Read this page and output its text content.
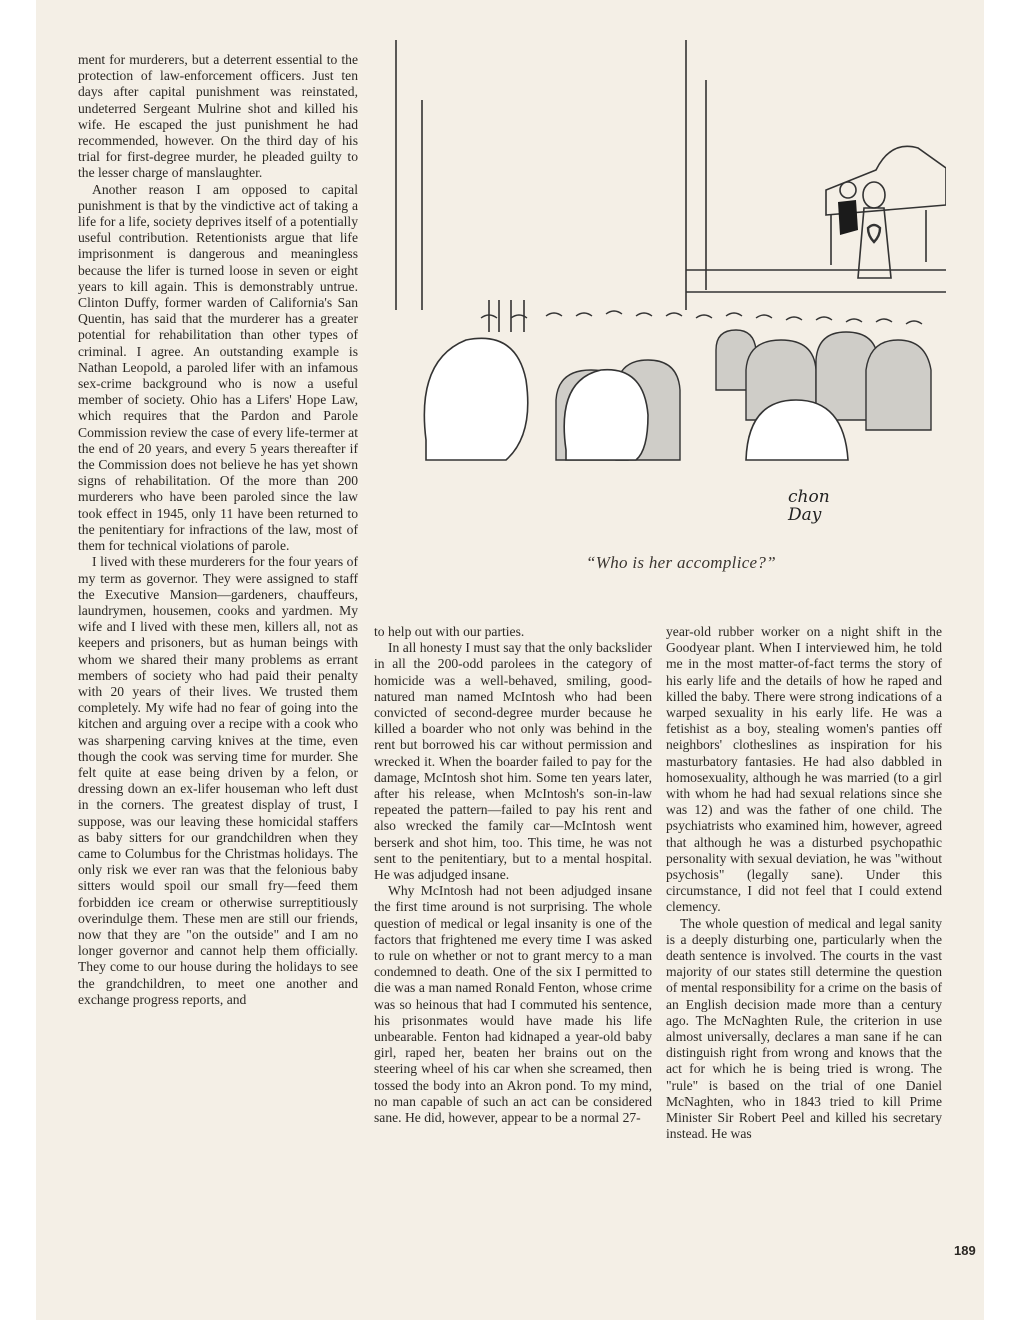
ment for murderers, but a deterrent essential to the protection of law-enforcement officers. Just ten days after capital punishment was reinstated, undeterred Sergeant Mulrine shot and killed his wife. He escaped the just punishment he had recommended, however. On the third day of his trial for first-degree murder, he pleaded guilty to the lesser charge of manslaughter.

Another reason I am opposed to capital punishment is that by the vindictive act of taking a life for a life, society deprives itself of a potentially useful contribution. Retentionists argue that life imprisonment is dangerous and meaningless because the lifer is turned loose in seven or eight years to kill again. This is demonstrably untrue. Clinton Duffy, former warden of California's San Quentin, has said that the murderer has a greater potential for rehabilitation than other types of criminal. I agree. An outstanding example is Nathan Leopold, a paroled lifer with an infamous sex-crime background who is now a useful member of society. Ohio has a Lifers' Hope Law, which requires that the Pardon and Parole Commission review the case of every life-termer at the end of 20 years, and every 5 years thereafter if the Commission does not believe he has yet shown signs of rehabilitation. Of the more than 200 murderers who have been paroled since the law took effect in 1945, only 11 have been returned to the penitentiary for infractions of the law, most of them for technical violations of parole.

I lived with these murderers for the four years of my term as governor. They were assigned to staff the Executive Mansion—gardeners, chauffeurs, laundrymen, housemen, cooks and yardmen. My wife and I lived with these men, killers all, not as keepers and prisoners, but as human beings with whom we shared their many problems as errant members of society who had paid their penalty with 20 years of their lives. We trusted them completely. My wife had no fear of going into the kitchen and arguing over a recipe with a cook who was sharpening carving knives at the time, even though the cook was serving time for murder. She felt quite at ease being driven by a felon, or dressing down an ex-lifer houseman who left dust in the corners. The greatest display of trust, I suppose, was our leaving these homicidal staffers as baby sitters for our grandchildren when they came to Columbus for the Christmas holidays. The only risk we ever ran was that the felonious baby sitters would spoil our small fry—feed them forbidden ice cream or otherwise surreptitiously overindulge them. These men are still our friends, now that they are "on the outside" and I am no longer governor and cannot help them officially. They come to our house during the holidays to see the grandchildren, to meet one another and exchange progress reports, and

chon
Day
“Who is her accomplice?”

to help out with our parties.

In all honesty I must say that the only backslider in all the 200-odd parolees in the category of homicide was a well-behaved, smiling, good-natured man named McIntosh who had been convicted of second-degree murder because he killed a boarder who not only was behind in the rent but borrowed his car without permission and wrecked it. When the boarder failed to pay for the damage, McIntosh shot him. Some ten years later, after his release, when McIntosh's son-in-law repeated the pattern—failed to pay his rent and also wrecked the family car—McIntosh went berserk and shot him, too. This time, he was not sent to the penitentiary, but to a mental hospital. He was adjudged insane.

Why McIntosh had not been adjudged insane the first time around is not surprising. The whole question of medical or legal insanity is one of the factors that frightened me every time I was asked to rule on whether or not to grant mercy to a man condemned to death. One of the six I permitted to die was a man named Ronald Fenton, whose crime was so heinous that had I commuted his sentence, his prisonmates would have made his life unbearable. Fenton had kidnaped a year-old baby girl, raped her, beaten her brains out on the steering wheel of his car when she screamed, then tossed the body into an Akron pond. To my mind, no man capable of such an act can be considered sane. He did, however, appear to be a normal 27-

year-old rubber worker on a night shift in the Goodyear plant. When I interviewed him, he told me in the most matter-of-fact terms the story of his early life and the details of how he raped and killed the baby. There were strong indications of a warped sexuality in his early life. He was a fetishist as a boy, stealing women's panties off neighbors' clotheslines as inspiration for his masturbatory fantasies. He had also dabbled in homosexuality, although he was married (to a girl with whom he had had sexual relations since she was 12) and was the father of one child. The psychiatrists who examined him, however, agreed that although he was a disturbed psychopathic personality with sexual deviation, he was "without psychosis" (legally sane). Under this circumstance, I did not feel that I could extend clemency.

The whole question of medical and legal sanity is a deeply disturbing one, particularly when the death sentence is involved. The courts in the vast majority of our states still determine the question of mental responsibility for a crime on the basis of an English decision made more than a century ago. The McNaghten Rule, the criterion in use almost universally, declares a man sane if he can distinguish right from wrong and knows that the act for which he is being tried is wrong. The "rule" is based on the trial of one Daniel McNaghten, who in 1843 tried to kill Prime Minister Sir Robert Peel and killed his secretary instead. He was

189
